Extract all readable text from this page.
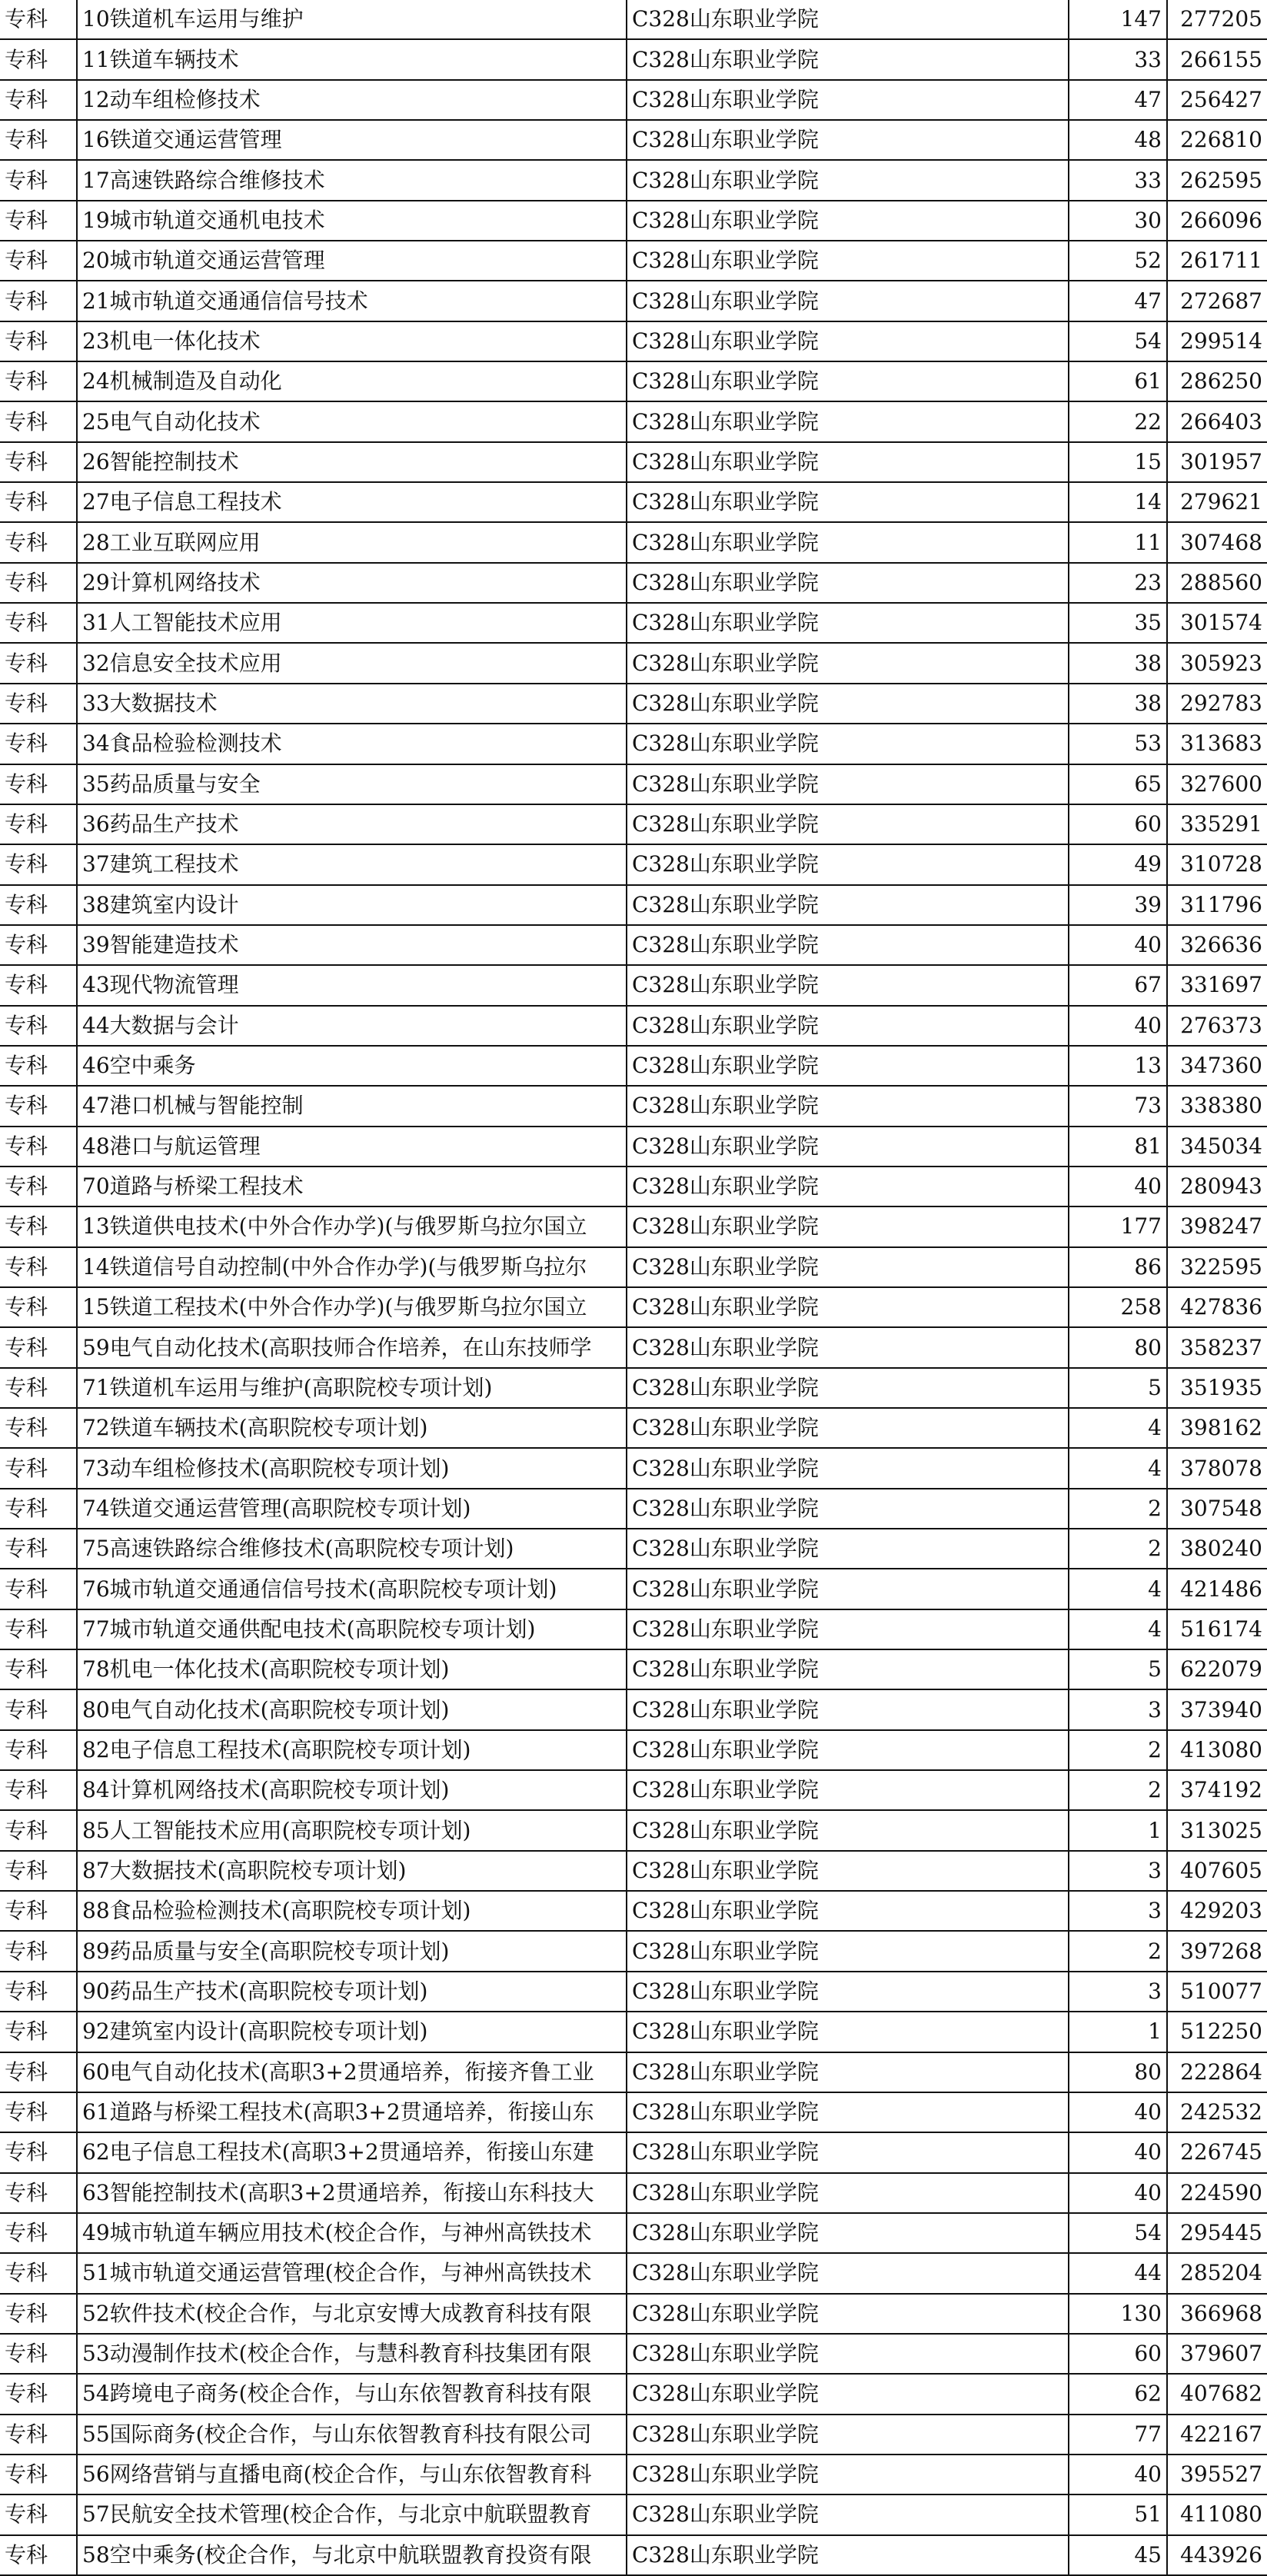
专科	10铁道机车运用与维护	C328山东职业学院	147	277205
专科	11铁道车辆技术	C328山东职业学院	33	266155
专科	12动车组检修技术	C328山东职业学院	47	256427
专科	16铁道交通运营管理	C328山东职业学院	48	226810
专科	17高速铁路综合维修技术	C328山东职业学院	33	262595
专科	19城市轨道交通机电技术	C328山东职业学院	30	266096
专科	20城市轨道交通运营管理	C328山东职业学院	52	261711
专科	21城市轨道交通通信信号技术	C328山东职业学院	47	272687
专科	23机电一体化技术	C328山东职业学院	54	299514
专科	24机械制造及自动化	C328山东职业学院	61	286250
专科	25电气自动化技术	C328山东职业学院	22	266403
专科	26智能控制技术	C328山东职业学院	15	301957
专科	27电子信息工程技术	C328山东职业学院	14	279621
专科	28工业互联网应用	C328山东职业学院	11	307468
专科	29计算机网络技术	C328山东职业学院	23	288560
专科	31人工智能技术应用	C328山东职业学院	35	301574
专科	32信息安全技术应用	C328山东职业学院	38	305923
专科	33大数据技术	C328山东职业学院	38	292783
专科	34食品检验检测技术	C328山东职业学院	53	313683
专科	35药品质量与安全	C328山东职业学院	65	327600
专科	36药品生产技术	C328山东职业学院	60	335291
专科	37建筑工程技术	C328山东职业学院	49	310728
专科	38建筑室内设计	C328山东职业学院	39	311796
专科	39智能建造技术	C328山东职业学院	40	326636
专科	43现代物流管理	C328山东职业学院	67	331697
专科	44大数据与会计	C328山东职业学院	40	276373
专科	46空中乘务	C328山东职业学院	13	347360
专科	47港口机械与智能控制	C328山东职业学院	73	338380
专科	48港口与航运管理	C328山东职业学院	81	345034
专科	70道路与桥梁工程技术	C328山东职业学院	40	280943
专科	13铁道供电技术(中外合作办学)(与俄罗斯乌拉尔国立	C328山东职业学院	177	398247
专科	14铁道信号自动控制(中外合作办学)(与俄罗斯乌拉尔	C328山东职业学院	86	322595
专科	15铁道工程技术(中外合作办学)(与俄罗斯乌拉尔国立	C328山东职业学院	258	427836
专科	59电气自动化技术(高职技师合作培养，在山东技师学	C328山东职业学院	80	358237
专科	71铁道机车运用与维护(高职院校专项计划)	C328山东职业学院	5	351935
专科	72铁道车辆技术(高职院校专项计划)	C328山东职业学院	4	398162
专科	73动车组检修技术(高职院校专项计划)	C328山东职业学院	4	378078
专科	74铁道交通运营管理(高职院校专项计划)	C328山东职业学院	2	307548
专科	75高速铁路综合维修技术(高职院校专项计划)	C328山东职业学院	2	380240
专科	76城市轨道交通通信信号技术(高职院校专项计划)	C328山东职业学院	4	421486
专科	77城市轨道交通供配电技术(高职院校专项计划)	C328山东职业学院	4	516174
专科	78机电一体化技术(高职院校专项计划)	C328山东职业学院	5	622079
专科	80电气自动化技术(高职院校专项计划)	C328山东职业学院	3	373940
专科	82电子信息工程技术(高职院校专项计划)	C328山东职业学院	2	413080
专科	84计算机网络技术(高职院校专项计划)	C328山东职业学院	2	374192
专科	85人工智能技术应用(高职院校专项计划)	C328山东职业学院	1	313025
专科	87大数据技术(高职院校专项计划)	C328山东职业学院	3	407605
专科	88食品检验检测技术(高职院校专项计划)	C328山东职业学院	3	429203
专科	89药品质量与安全(高职院校专项计划)	C328山东职业学院	2	397268
专科	90药品生产技术(高职院校专项计划)	C328山东职业学院	3	510077
专科	92建筑室内设计(高职院校专项计划)	C328山东职业学院	1	512250
专科	60电气自动化技术(高职3+2贯通培养，衔接齐鲁工业	C328山东职业学院	80	222864
专科	61道路与桥梁工程技术(高职3+2贯通培养，衔接山东	C328山东职业学院	40	242532
专科	62电子信息工程技术(高职3+2贯通培养，衔接山东建	C328山东职业学院	40	226745
专科	63智能控制技术(高职3+2贯通培养，衔接山东科技大	C328山东职业学院	40	224590
专科	49城市轨道车辆应用技术(校企合作，与神州高铁技术	C328山东职业学院	54	295445
专科	51城市轨道交通运营管理(校企合作，与神州高铁技术	C328山东职业学院	44	285204
专科	52软件技术(校企合作，与北京安博大成教育科技有限	C328山东职业学院	130	366968
专科	53动漫制作技术(校企合作，与慧科教育科技集团有限	C328山东职业学院	60	379607
专科	54跨境电子商务(校企合作，与山东依智教育科技有限	C328山东职业学院	62	407682
专科	55国际商务(校企合作，与山东依智教育科技有限公司	C328山东职业学院	77	422167
专科	56网络营销与直播电商(校企合作，与山东依智教育科	C328山东职业学院	40	395527
专科	57民航安全技术管理(校企合作，与北京中航联盟教育	C328山东职业学院	51	411080
专科	58空中乘务(校企合作，与北京中航联盟教育投资有限	C328山东职业学院	45	443926
